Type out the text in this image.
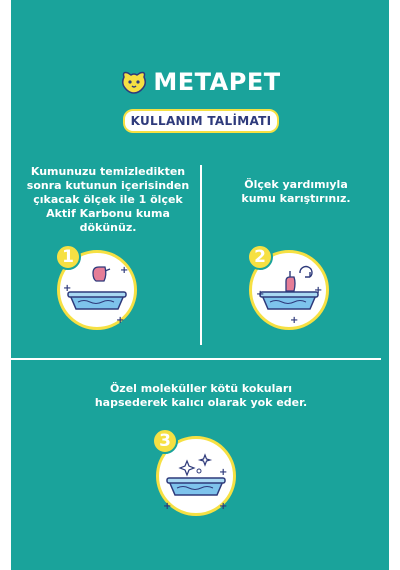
METAPET
KULLANIM TALİMATI
Kumunuzu temizledikten
sonra kutunun içerisinden
çıkacak ölçek ile 1 ölçek
Aktif Karbonu kuma dökünüz.
+
+
+
1
Ölçek yardımıyla
kumu karıştırınız.
+
+
+
2
Özel moleküller kötü kokuları
hapsederek kalıcı olarak yok eder.
+
+	+
3
